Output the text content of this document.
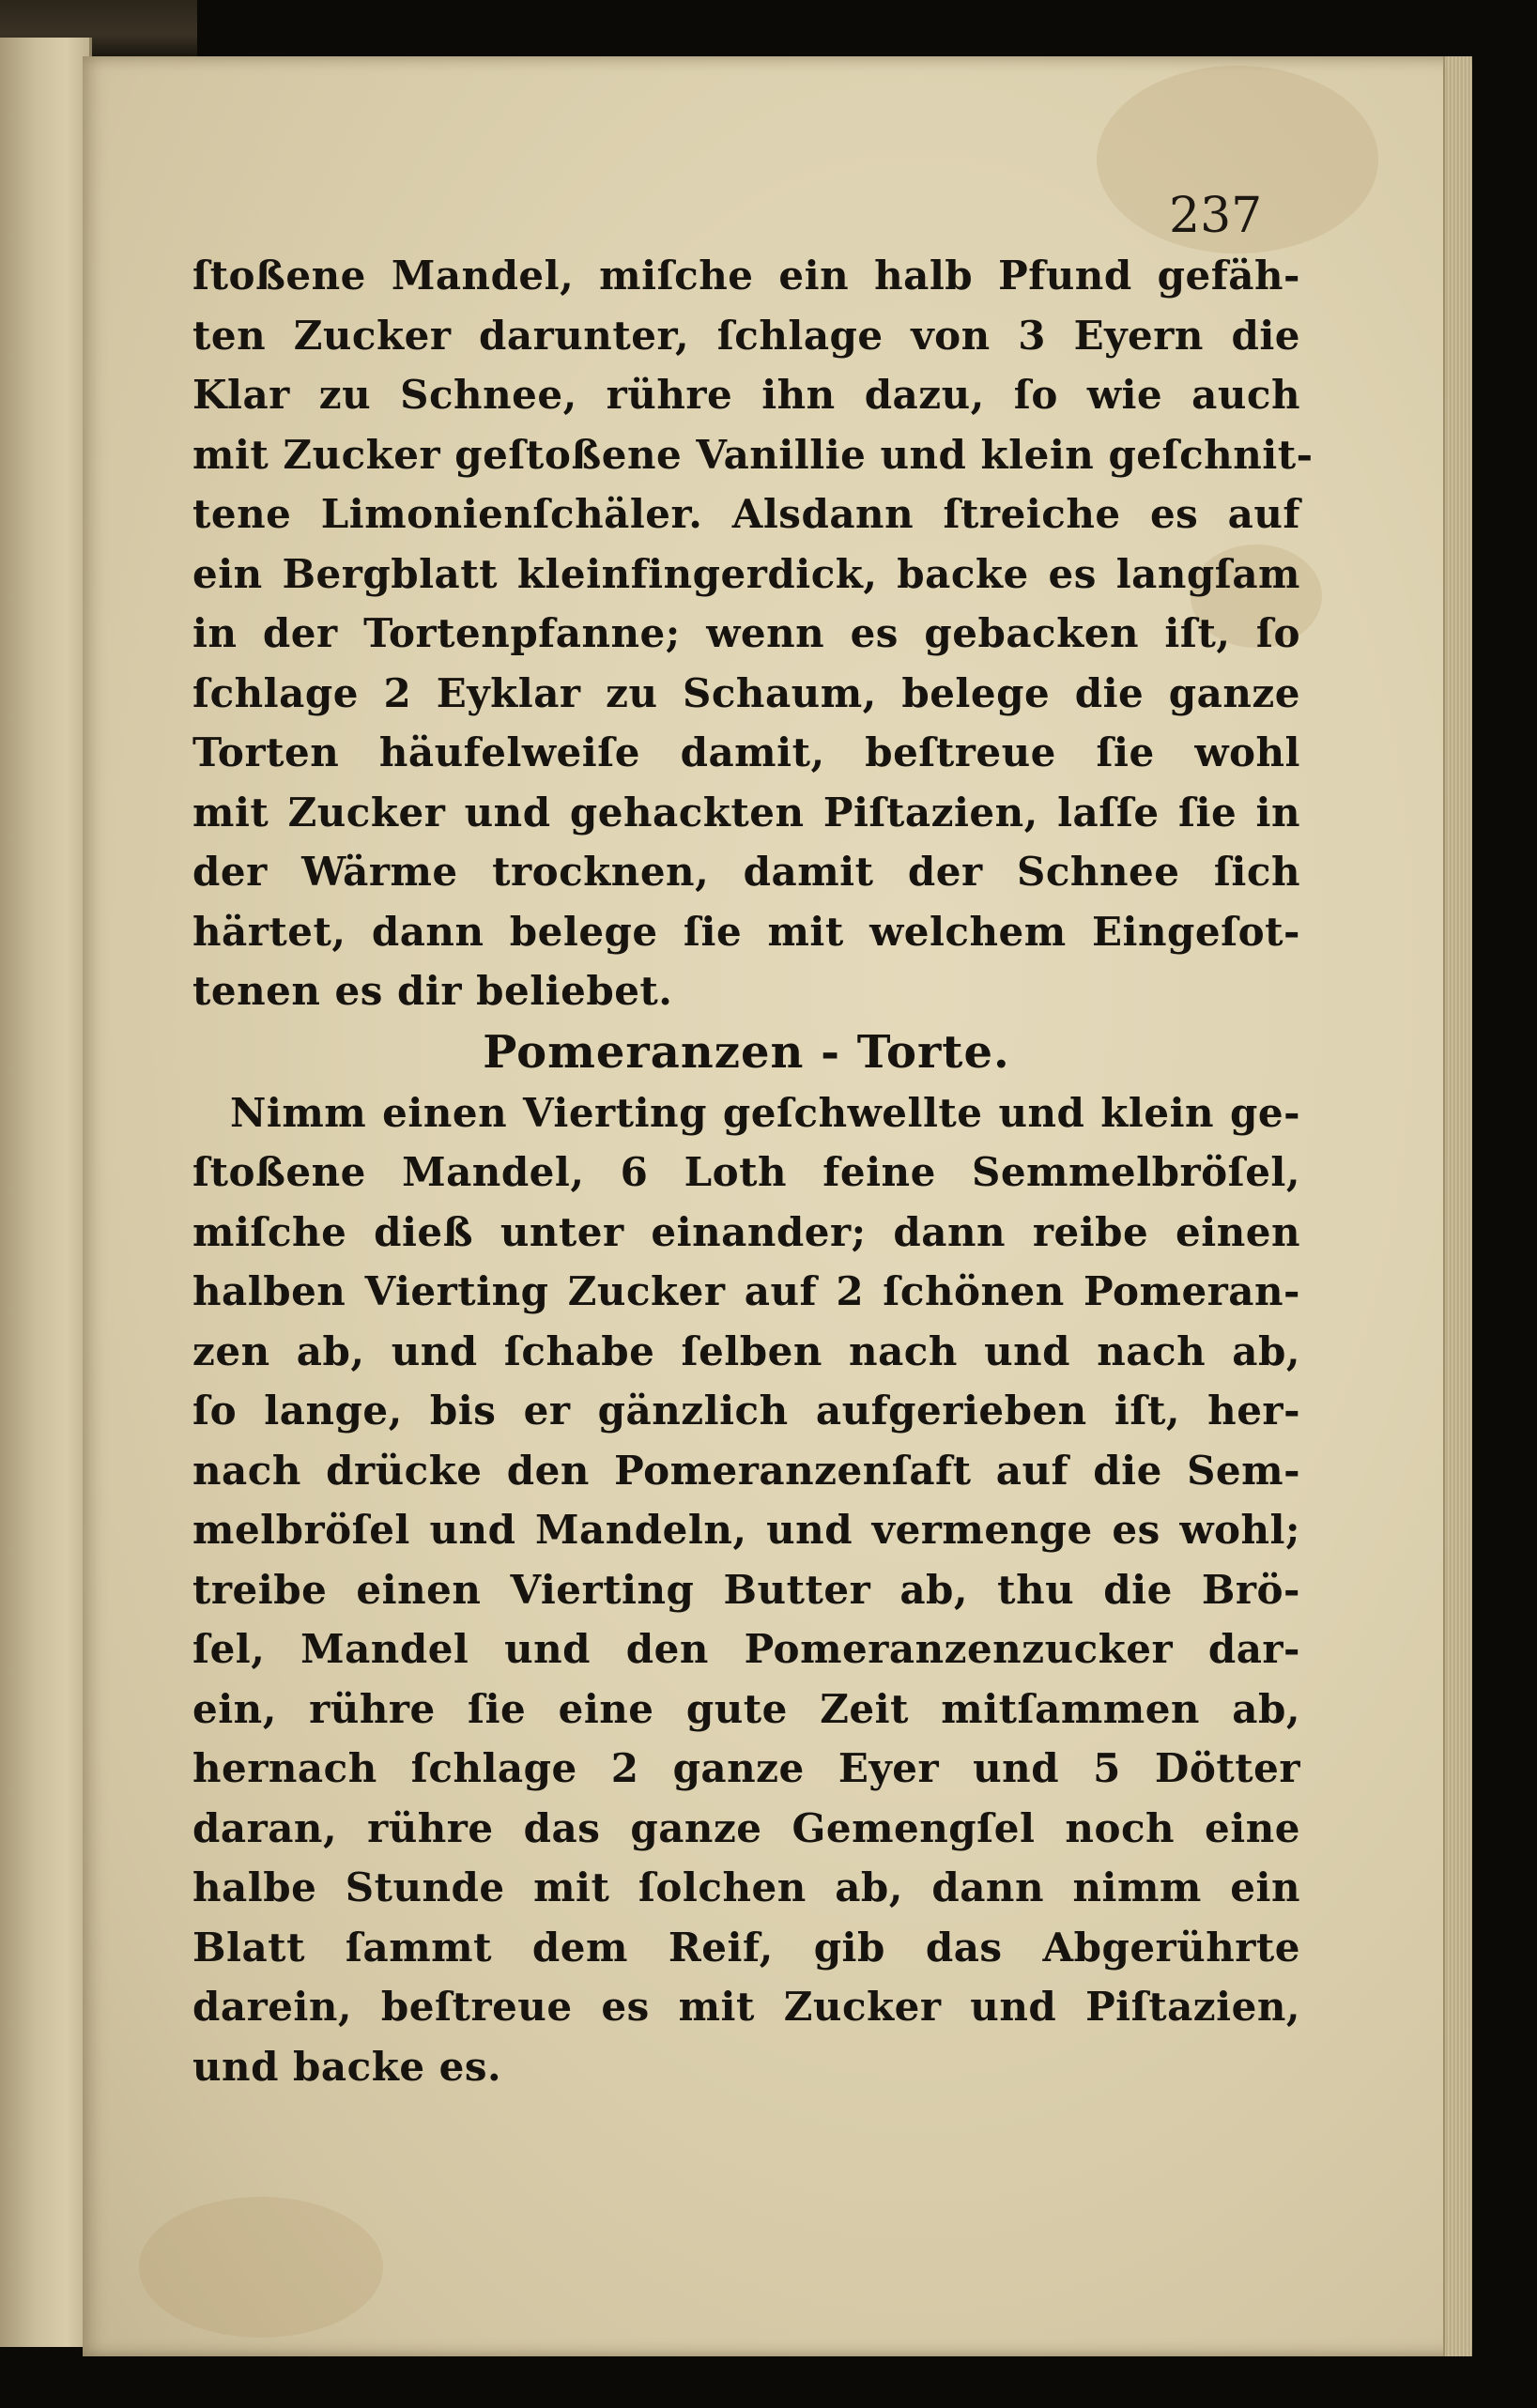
237

ſtoßene Mandel, miſche ein halb Pfund gefäh-
ten Zucker darunter, ſchlage von 3 Eyern die
Klar zu Schnee, rühre ihn dazu, ſo wie auch
mit Zucker geſtoßene Vanillie und klein geſchnit-
tene Limonienſchäler. Alsdann ſtreiche es auf
ein Bergblatt kleinfingerdick, backe es langſam
in der Tortenpfanne; wenn es gebacken iſt, ſo
ſchlage 2 Eyklar zu Schaum, belege die ganze
Torten häufelweiſe damit, beſtreue ſie wohl
mit Zucker und gehackten Piſtazien, laſſe ſie in
der Wärme trocknen, damit der Schnee ſich
härtet, dann belege ſie mit welchem Eingeſot-
tenen es dir beliebet.
Pomeranzen - Torte.
Nimm einen Vierting geſchwellte und klein ge-
ſtoßene Mandel, 6 Loth feine Semmelbröſel,
miſche dieß unter einander; dann reibe einen
halben Vierting Zucker auf 2 ſchönen Pomeran-
zen ab, und ſchabe ſelben nach und nach ab,
ſo lange, bis er gänzlich aufgerieben iſt, her-
nach drücke den Pomeranzenſaft auf die Sem-
melbröſel und Mandeln, und vermenge es wohl;
treibe einen Vierting Butter ab, thu die Brö-
ſel, Mandel und den Pomeranzenzucker dar-
ein, rühre ſie eine gute Zeit mitſammen ab,
hernach ſchlage 2 ganze Eyer und 5 Dötter
daran, rühre das ganze Gemengſel noch eine
halbe Stunde mit ſolchen ab, dann nimm ein
Blatt ſammt dem Reif, gib das Abgerührte
darein, beſtreue es mit Zucker und Piſtazien,
und backe es.
